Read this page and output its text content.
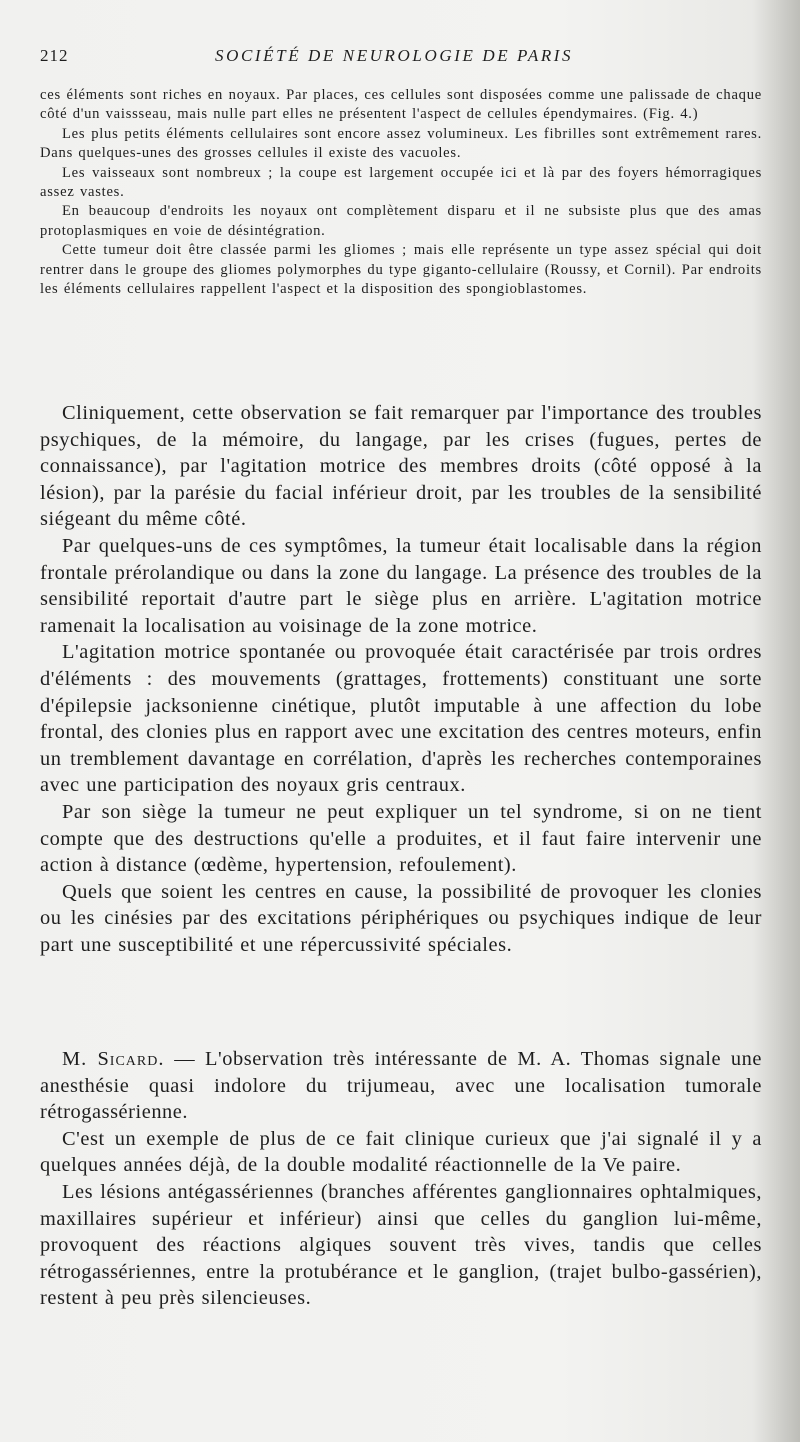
212	SOCIÉTÉ DE NEUROLOGIE DE PARIS

ces éléments sont riches en noyaux. Par places, ces cellules sont disposées comme une palissade de chaque côté d'un vaissseau, mais nulle part elles ne présentent l'aspect de cellules épendymaires. (Fig. 4.)

Les plus petits éléments cellulaires sont encore assez volumineux. Les fibrilles sont extrêmement rares. Dans quelques-unes des grosses cellules il existe des vacuoles.

Les vaisseaux sont nombreux ; la coupe est largement occupée ici et là par des foyers hémorragiques assez vastes.

En beaucoup d'endroits les noyaux ont complètement disparu et il ne subsiste plus que des amas protoplasmiques en voie de désintégration.

Cette tumeur doit être classée parmi les gliomes ; mais elle représente un type assez spécial qui doit rentrer dans le groupe des gliomes polymorphes du type giganto-cellulaire (Roussy, et Cornil). Par endroits les éléments cellulaires rappellent l'aspect et la disposition des spongioblastomes.

Cliniquement, cette observation se fait remarquer par l'importance des troubles psychiques, de la mémoire, du langage, par les crises (fugues, pertes de connaissance), par l'agitation motrice des membres droits (côté opposé à la lésion), par la parésie du facial inférieur droit, par les troubles de la sensibilité siégeant du même côté.

Par quelques-uns de ces symptômes, la tumeur était localisable dans la région frontale prérolandique ou dans la zone du langage. La présence des troubles de la sensibilité reportait d'autre part le siège plus en arrière. L'agitation motrice ramenait la localisation au voisinage de la zone motrice.

L'agitation motrice spontanée ou provoquée était caractérisée par trois ordres d'éléments : des mouvements (grattages, frottements) constituant une sorte d'épilepsie jacksonienne cinétique, plutôt imputable à une affection du lobe frontal, des clonies plus en rapport avec une excitation des centres moteurs, enfin un tremblement davantage en corrélation, d'après les recherches contemporaines avec une participation des noyaux gris centraux.

Par son siège la tumeur ne peut expliquer un tel syndrome, si on ne tient compte que des destructions qu'elle a produites, et il faut faire intervenir une action à distance (œdème, hypertension, refoulement).

Quels que soient les centres en cause, la possibilité de provoquer les clonies ou les cinésies par des excitations périphériques ou psychiques indique de leur part une susceptibilité et une répercussivité spéciales.

M. Sicard. — L'observation très intéressante de M. A. Thomas signale une anesthésie quasi indolore du trijumeau, avec une localisation tumorale rétrogassérienne.

C'est un exemple de plus de ce fait clinique curieux que j'ai signalé il y a quelques années déjà, de la double modalité réactionnelle de la Ve paire.

Les lésions antégassériennes (branches afférentes ganglionnaires ophtalmiques, maxillaires supérieur et inférieur) ainsi que celles du ganglion lui-même, provoquent des réactions algiques souvent très vives, tandis que celles rétrogassériennes, entre la protubérance et le ganglion, (trajet bulbo-gassérien), restent à peu près silencieuses.
